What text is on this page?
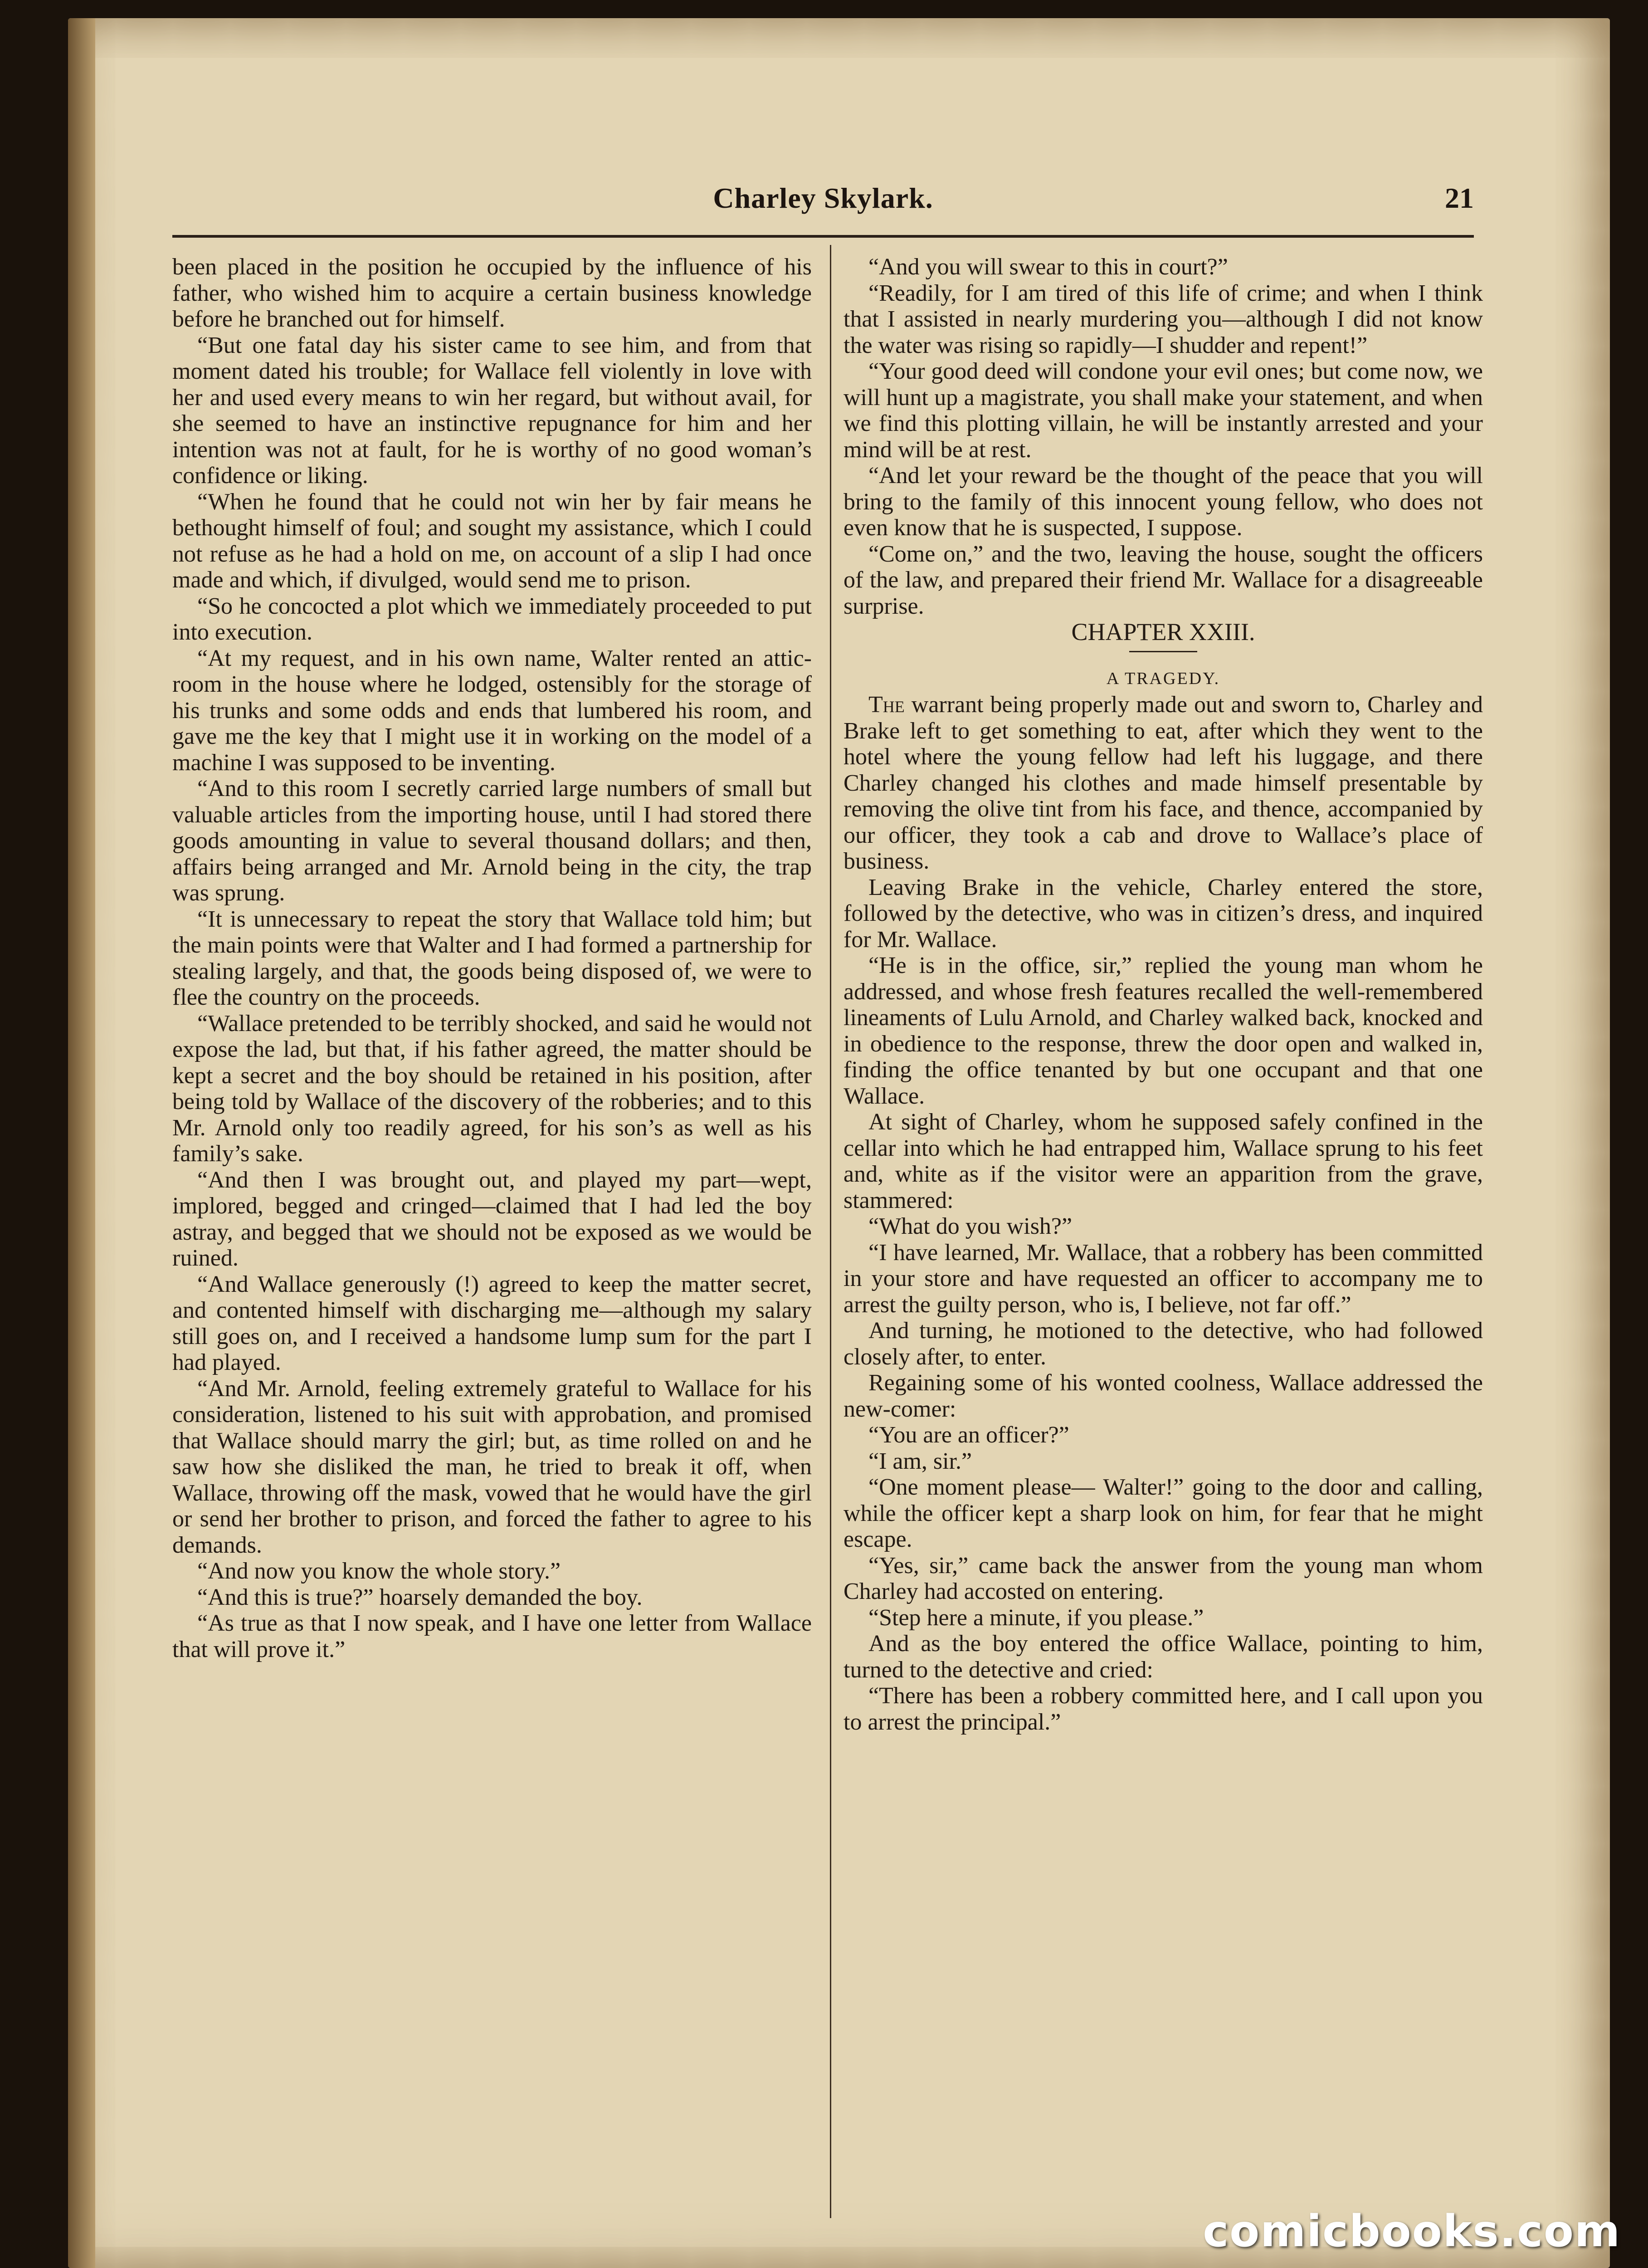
Charley Skylark.	21

been placed in the position he occupied by the influence of his father, who wished him to acquire a certain business knowledge before he branched out for himself.

“But one fatal day his sister came to see him, and from that moment dated his trouble; for Wallace fell violently in love with her and used every means to win her regard, but without avail, for she seemed to have an instinctive repugnance for him and her intention was not at fault, for he is worthy of no good woman’s confidence or liking.

“When he found that he could not win her by fair means he bethought himself of foul; and sought my assistance, which I could not refuse as he had a hold on me, on account of a slip I had once made and which, if divulged, would send me to prison.

“So he concocted a plot which we immediately proceeded to put into execution.

“At my request, and in his own name, Walter rented an attic-room in the house where he lodged, ostensibly for the storage of his trunks and some odds and ends that lumbered his room, and gave me the key that I might use it in working on the model of a machine I was supposed to be inventing.

“And to this room I secretly carried large numbers of small but valuable articles from the importing house, until I had stored there goods amounting in value to several thousand dollars; and then, affairs being arranged and Mr. Arnold being in the city, the trap was sprung.

“It is unnecessary to repeat the story that Wallace told him; but the main points were that Walter and I had formed a partnership for stealing largely, and that, the goods being disposed of, we were to flee the country on the proceeds.

“Wallace pretended to be terribly shocked, and said he would not expose the lad, but that, if his father agreed, the matter should be kept a secret and the boy should be retained in his position, after being told by Wallace of the discovery of the robberies; and to this Mr. Arnold only too readily agreed, for his son’s as well as his family’s sake.

“And then I was brought out, and played my part—wept, implored, begged and cringed—claimed that I had led the boy astray, and begged that we should not be exposed as we would be ruined.

“And Wallace generously (!) agreed to keep the matter secret, and contented himself with discharging me—although my salary still goes on, and I received a handsome lump sum for the part I had played.

“And Mr. Arnold, feeling extremely grateful to Wallace for his consideration, listened to his suit with approbation, and promised that Wallace should marry the girl; but, as time rolled on and he saw how she disliked the man, he tried to break it off, when Wallace, throwing off the mask, vowed that he would have the girl or send her brother to prison, and forced the father to agree to his demands.

“And now you know the whole story.”

“And this is true?” hoarsely demanded the boy.

“As true as that I now speak, and I have one letter from Wallace that will prove it.”

“And you will swear to this in court?”

“Readily, for I am tired of this life of crime; and when I think that I assisted in nearly murdering you—although I did not know the water was rising so rapidly—I shudder and repent!”

“Your good deed will condone your evil ones; but come now, we will hunt up a magistrate, you shall make your statement, and when we find this plotting villain, he will be instantly arrested and your mind will be at rest.

“And let your reward be the thought of the peace that you will bring to the family of this innocent young fellow, who does not even know that he is suspected, I suppose.

“Come on,” and the two, leaving the house, sought the officers of the law, and prepared their friend Mr. Wallace for a disagreeable surprise.

CHAPTER XXIII.

A TRAGEDY.

The warrant being properly made out and sworn to, Charley and Brake left to get something to eat, after which they went to the hotel where the young fellow had left his luggage, and there Charley changed his clothes and made himself presentable by removing the olive tint from his face, and thence, accompanied by our officer, they took a cab and drove to Wallace’s place of business.

Leaving Brake in the vehicle, Charley entered the store, followed by the detective, who was in citizen’s dress, and inquired for Mr. Wallace.

“He is in the office, sir,” replied the young man whom he addressed, and whose fresh features recalled the well-remembered lineaments of Lulu Arnold, and Charley walked back, knocked and in obedience to the response, threw the door open and walked in, finding the office tenanted by but one occupant and that one Wallace.

At sight of Charley, whom he supposed safely confined in the cellar into which he had entrapped him, Wallace sprung to his feet and, white as if the visitor were an apparition from the grave, stammered:

“What do you wish?”

“I have learned, Mr. Wallace, that a robbery has been committed in your store and have requested an officer to accompany me to arrest the guilty person, who is, I believe, not far off.”

And turning, he motioned to the detective, who had followed closely after, to enter.

Regaining some of his wonted coolness, Wallace addressed the new-comer:

“You are an officer?”

“I am, sir.”

“One moment please— Walter!” going to the door and calling, while the officer kept a sharp look on him, for fear that he might escape.

“Yes, sir,” came back the answer from the young man whom Charley had accosted on entering.

“Step here a minute, if you please.”

And as the boy entered the office Wallace, pointing to him, turned to the detective and cried:

“There has been a robbery committed here, and I call upon you to arrest the principal.”

comicbooks.com
